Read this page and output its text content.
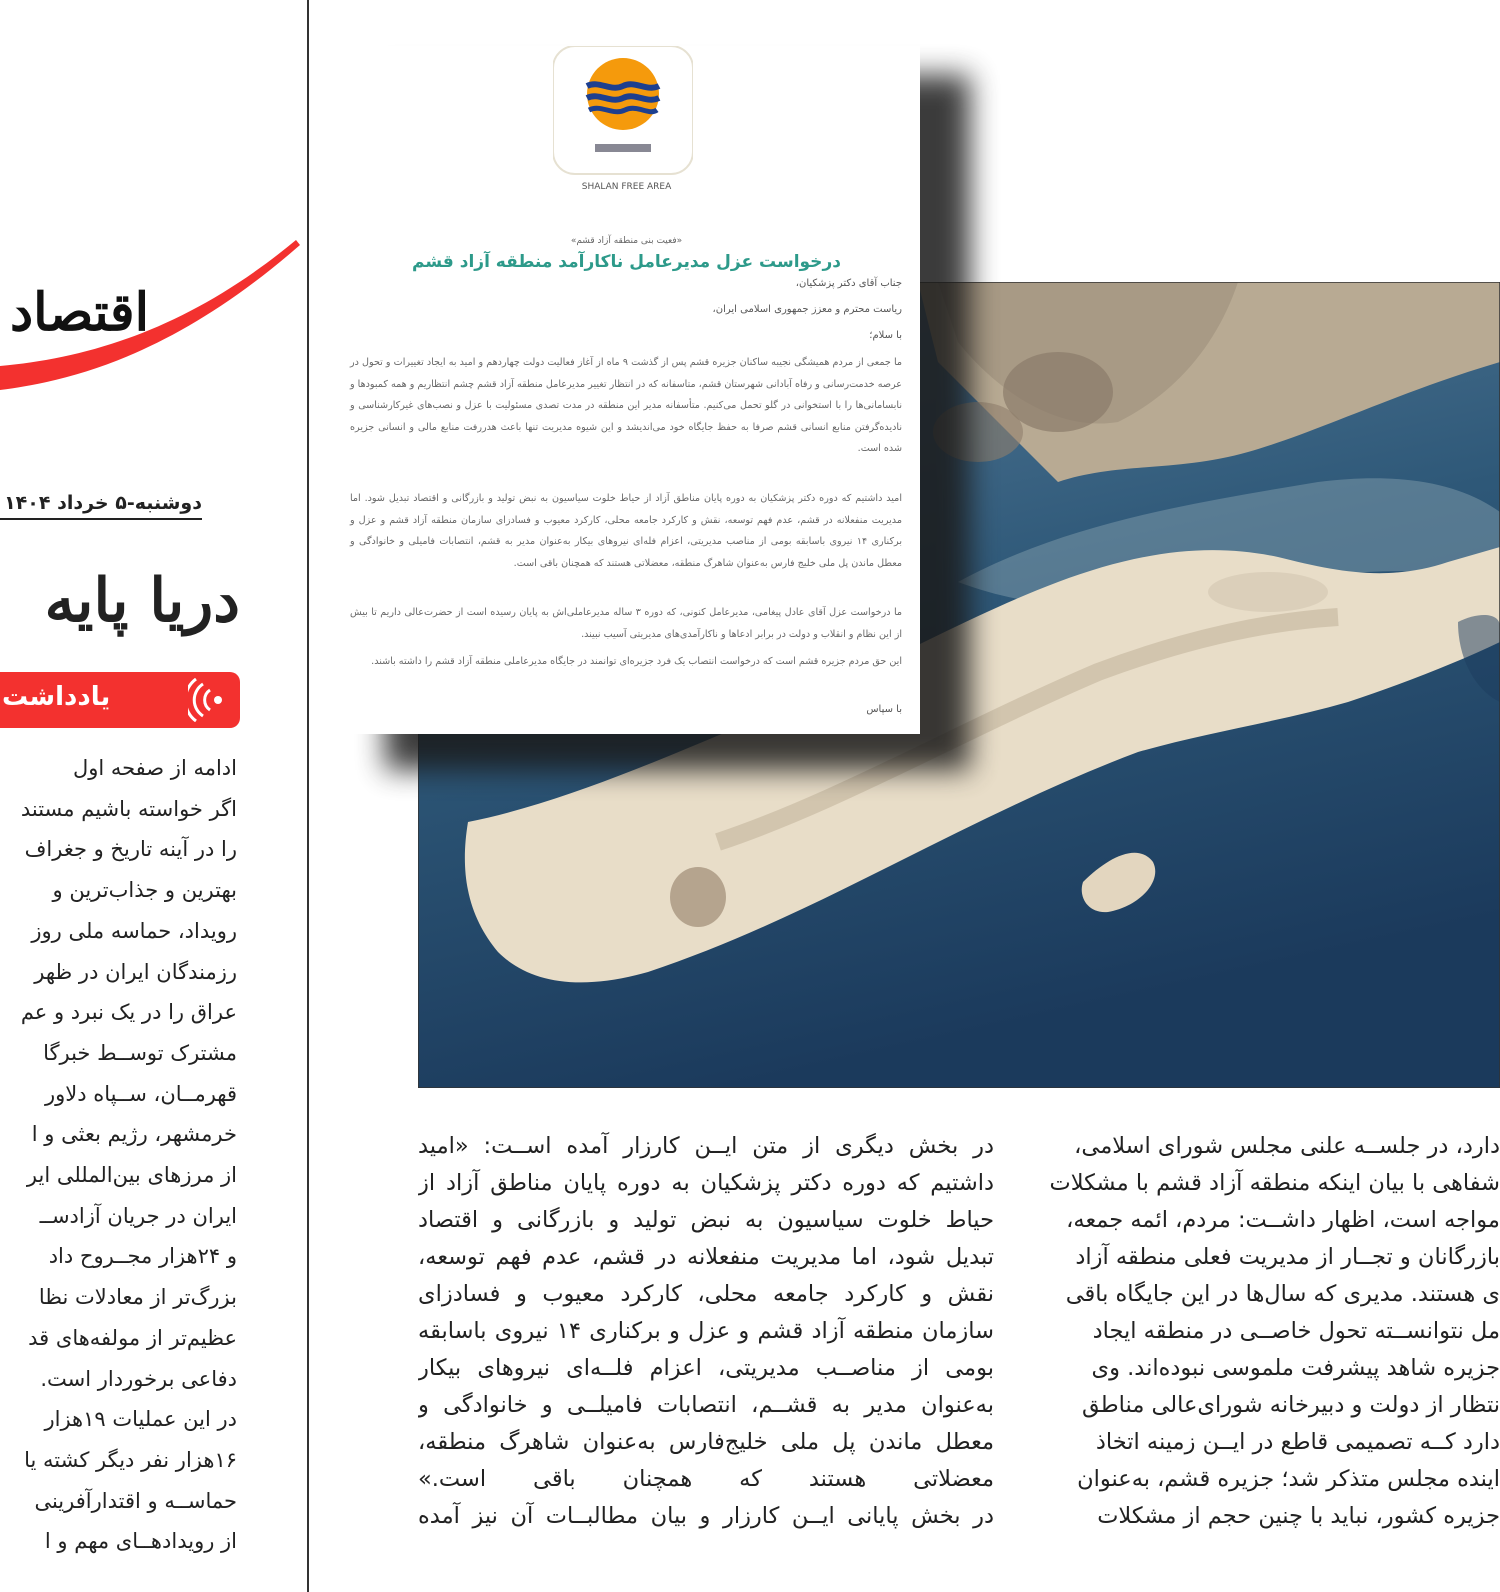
اقتصاد
دوشنبه-۵ خرداد ۱۴۰۴
دریا پایه
یادداشت
ادامه از صفحه اول
اگر خواسته باشیم مستند
را در آینه تاریخ و جغراف
بهترین و جذاب‌ترین و
رویداد، حماسه ملی روز
رزمندگان ایران در ظهر
عراق را در یک نبرد و عم
مشترک توســط خبرگا
قهرمــان، ســپاه دلاور
خرمشهر، رژیم بعثی و ا
از مرزهای بین‌المللی ایر
ایران در جریان آزادســ
و ۲۴هزار مجــروح داد
بزرگ‌تر از معادلات نظا
عظیم‌تر از مولفه‌های قد
دفاعی برخوردار است.
در این عملیات ۱۹هزار
۱۶هزار نفر دیگر کشته یا
حماســه و اقتدارآفرینی
از رویدادهــای مهم و ا
SHALAN FREE AREA
«فعیت بنی منطقه آزاد قشم»
درخواست عزل مدیرعامل ناکارآمد منطقه آزاد قشم
جناب آقای دکتر پزشکیان،
ریاست محترم و معزز جمهوری اسلامی ایران،
با سلام؛
ما جمعی از مردم همیشگی نجیبه ساکنان جزیره قشم پس از گذشت ۹ ماه از آغاز فعالیت دولت چهاردهم و امید به ایجاد تغییرات و تحول در عرصه خدمت‌رسانی و رفاه آبادانی شهرستان قشم، متاسفانه که در انتظار تغییر مدیرعامل منطقه آزاد قشم چشم انتظاریم و همه کمبودها و نابسامانی‌ها را با استخوانی در گلو تحمل می‌کنیم. متأسفانه مدیر این منطقه در مدت تصدی مسئولیت با عزل و نصب‌های غیرکارشناسی و نادیده‌گرفتن منابع انسانی قشم صرفا به حفظ جایگاه خود می‌اندیشد و این شیوه مدیریت تنها باعث هدررفت منابع مالی و انسانی جزیره شده است.
امید داشتیم که دوره دکتر پزشکیان به دوره پایان مناطق آزاد از حیاط خلوت سیاسیون به نبض تولید و بازرگانی و اقتصاد تبدیل شود. اما مدیریت منفعلانه در قشم، عدم فهم توسعه، نقش و کارکرد جامعه محلی، کارکرد معیوب و فسادزای سازمان منطقه آزاد قشم و عزل و برکناری ۱۴ نیروی باسابقه بومی از مناصب مدیریتی، اعزام فله‌ای نیروهای بیکار به‌عنوان مدیر به قشم، انتصابات فامیلی و خانوادگی و معطل ماندن پل ملی خلیج فارس به‌عنوان شاهرگ منطقه، معضلاتی هستند که همچنان باقی است.
ما درخواست عزل آقای عادل پیغامی، مدیرعامل کنونی، که دوره ۳ ساله مدیرعاملی‌اش به پایان رسیده است از حضرت‌عالی داریم تا بیش از این نظام و انقلاب و دولت در برابر ادعاها و ناکارآمدی‌های مدیریتی آسیب نبیند.
این حق مردم جزیره قشم است که درخواست انتصاب یک فرد جزیره‌ای توانمند در جایگاه مدیرعاملی منطقه آزاد قشم را داشته باشند.
با سپاس
در بخش دیگری از متن ایــن کارزار آمده اســت: «امید
داشتیم که دوره دکتر پزشکیان به دوره پایان مناطق آزاد از
حیاط خلوت سیاسیون به نبض تولید و بازرگانی و اقتصاد
تبدیل شود، اما مدیریت منفعلانه در قشم، عدم فهم توسعه،
نقش و کارکرد جامعه محلی، کارکرد معیوب و فسادزای
سازمان منطقه آزاد قشم و عزل و برکناری ۱۴ نیروی باسابقه
بومی از مناصــب مدیریتی، اعزام فلــه‌ای نیروهای بیکار
به‌عنوان مدیر به قشــم، انتصابات فامیلــی و خانوادگی و
معطل ماندن پل ملی خلیج‌فارس به‌عنوان شاهرگ منطقه،
معضلاتی هستند که همچنان باقی است.»
در بخش پایانی ایــن کارزار و بیان مطالبــات آن نیز آمده
دارد، در جلســه علنی مجلس شورای اسلامی،
شفاهی با بیان اینکه منطقه آزاد قشم با مشکلات
مواجه است، اظهار داشــت: مردم، ائمه جمعه،
بازرگانان و تجــار از مدیریت فعلی منطقه آزاد
ی هستند. مدیری که سال‌ها در این جایگاه باقی
مل نتوانســته تحول خاصــی در منطقه ایجاد
جزیره شاهد پیشرفت ملموسی نبوده‌اند. وی
نتظار از دولت و دبیرخانه شورای‌عالی مناطق
دارد کــه تصمیمی قاطع در ایــن زمینه اتخاذ
اینده مجلس متذکر شد؛ جزیره قشم، به‌عنوان
جزیره کشور، نباید با چنین حجم از مشکلات
